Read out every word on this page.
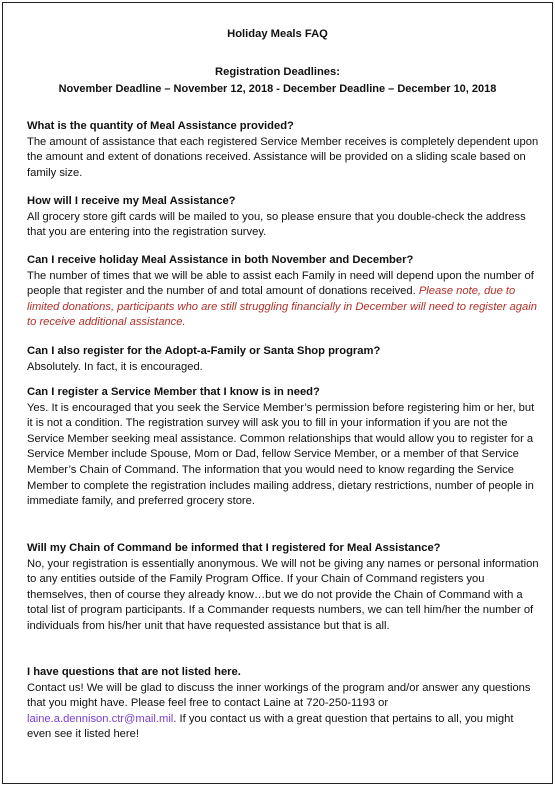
Holiday Meals FAQ
Registration Deadlines:
November Deadline – November 12, 2018 - December Deadline – December 10, 2018

What is the quantity of Meal Assistance provided?

The amount of assistance that each registered Service Member receives is completely dependent upon the amount and extent of donations received. Assistance will be provided on a sliding scale based on family size.

How will I receive my Meal Assistance?

All grocery store gift cards will be mailed to you, so please ensure that you double-check the address that you are entering into the registration survey.

Can I receive holiday Meal Assistance in both November and December?

The number of times that we will be able to assist each Family in need will depend upon the number of people that register and the number of and total amount of donations received. Please note, due to limited donations, participants who are still struggling financially in December will need to register again to receive additional assistance.

Can I also register for the Adopt-a-Family or Santa Shop program?

Absolutely. In fact, it is encouraged.

Can I register a Service Member that I know is in need?

Yes. It is encouraged that you seek the Service Member’s permission before registering him or her, but it is not a condition. The registration survey will ask you to fill in your information if you are not the Service Member seeking meal assistance. Common relationships that would allow you to register for a Service Member include Spouse, Mom or Dad, fellow Service Member, or a member of that Service Member’s Chain of Command. The information that you would need to know regarding the Service Member to complete the registration includes mailing address, dietary restrictions, number of people in immediate family, and preferred grocery store.

Will my Chain of Command be informed that I registered for Meal Assistance?

No, your registration is essentially anonymous. We will not be giving any names or personal information to any entities outside of the Family Program Office. If your Chain of Command registers you themselves, then of course they already know…but we do not provide the Chain of Command with a total list of program participants. If a Commander requests numbers, we can tell him/her the number of individuals from his/her unit that have requested assistance but that is all.

I have questions that are not listed here.

Contact us! We will be glad to discuss the inner workings of the program and/or answer any questions that you might have. Please feel free to contact Laine at 720-250-1193 or laine.a.dennison.ctr@mail.mil. If you contact us with a great question that pertains to all, you might even see it listed here!
